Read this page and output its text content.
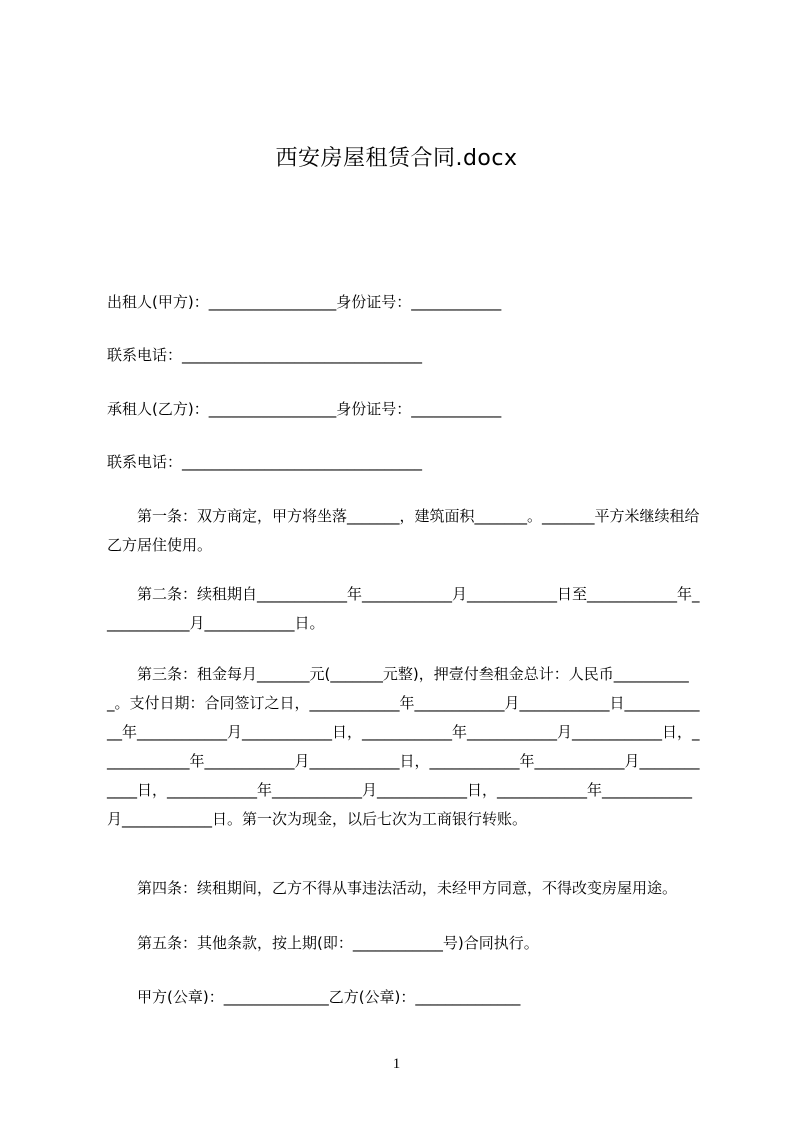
西安房屋租赁合同.docx
出租人(甲方)：_________________身份证号：____________
联系电话：________________________________
承租人(乙方)：_________________身份证号：____________
联系电话：________________________________
第一条：双方商定，甲方将坐落_______，建筑面积_______。_______平方米继续租给乙方居住使用。
第二条：续租期自____________年____________月____________日至____________年____________月____________日。
第三条：租金每月_______元(_______元整)，押壹付叁租金总计：人民币___________。支付日期：合同签订之日，____________年____________月____________日____________年____________月____________日，____________年____________月____________日，____________年____________月____________日，____________年____________月____________日，____________年____________月____________日，____________年____________月____________日。第一次为现金，以后七次为工商银行转账。
第四条：续租期间，乙方不得从事违法活动，未经甲方同意，不得改变房屋用途。
第五条：其他条款，按上期(即：____________号)合同执行。
甲方(公章)：______________乙方(公章)：______________
1
